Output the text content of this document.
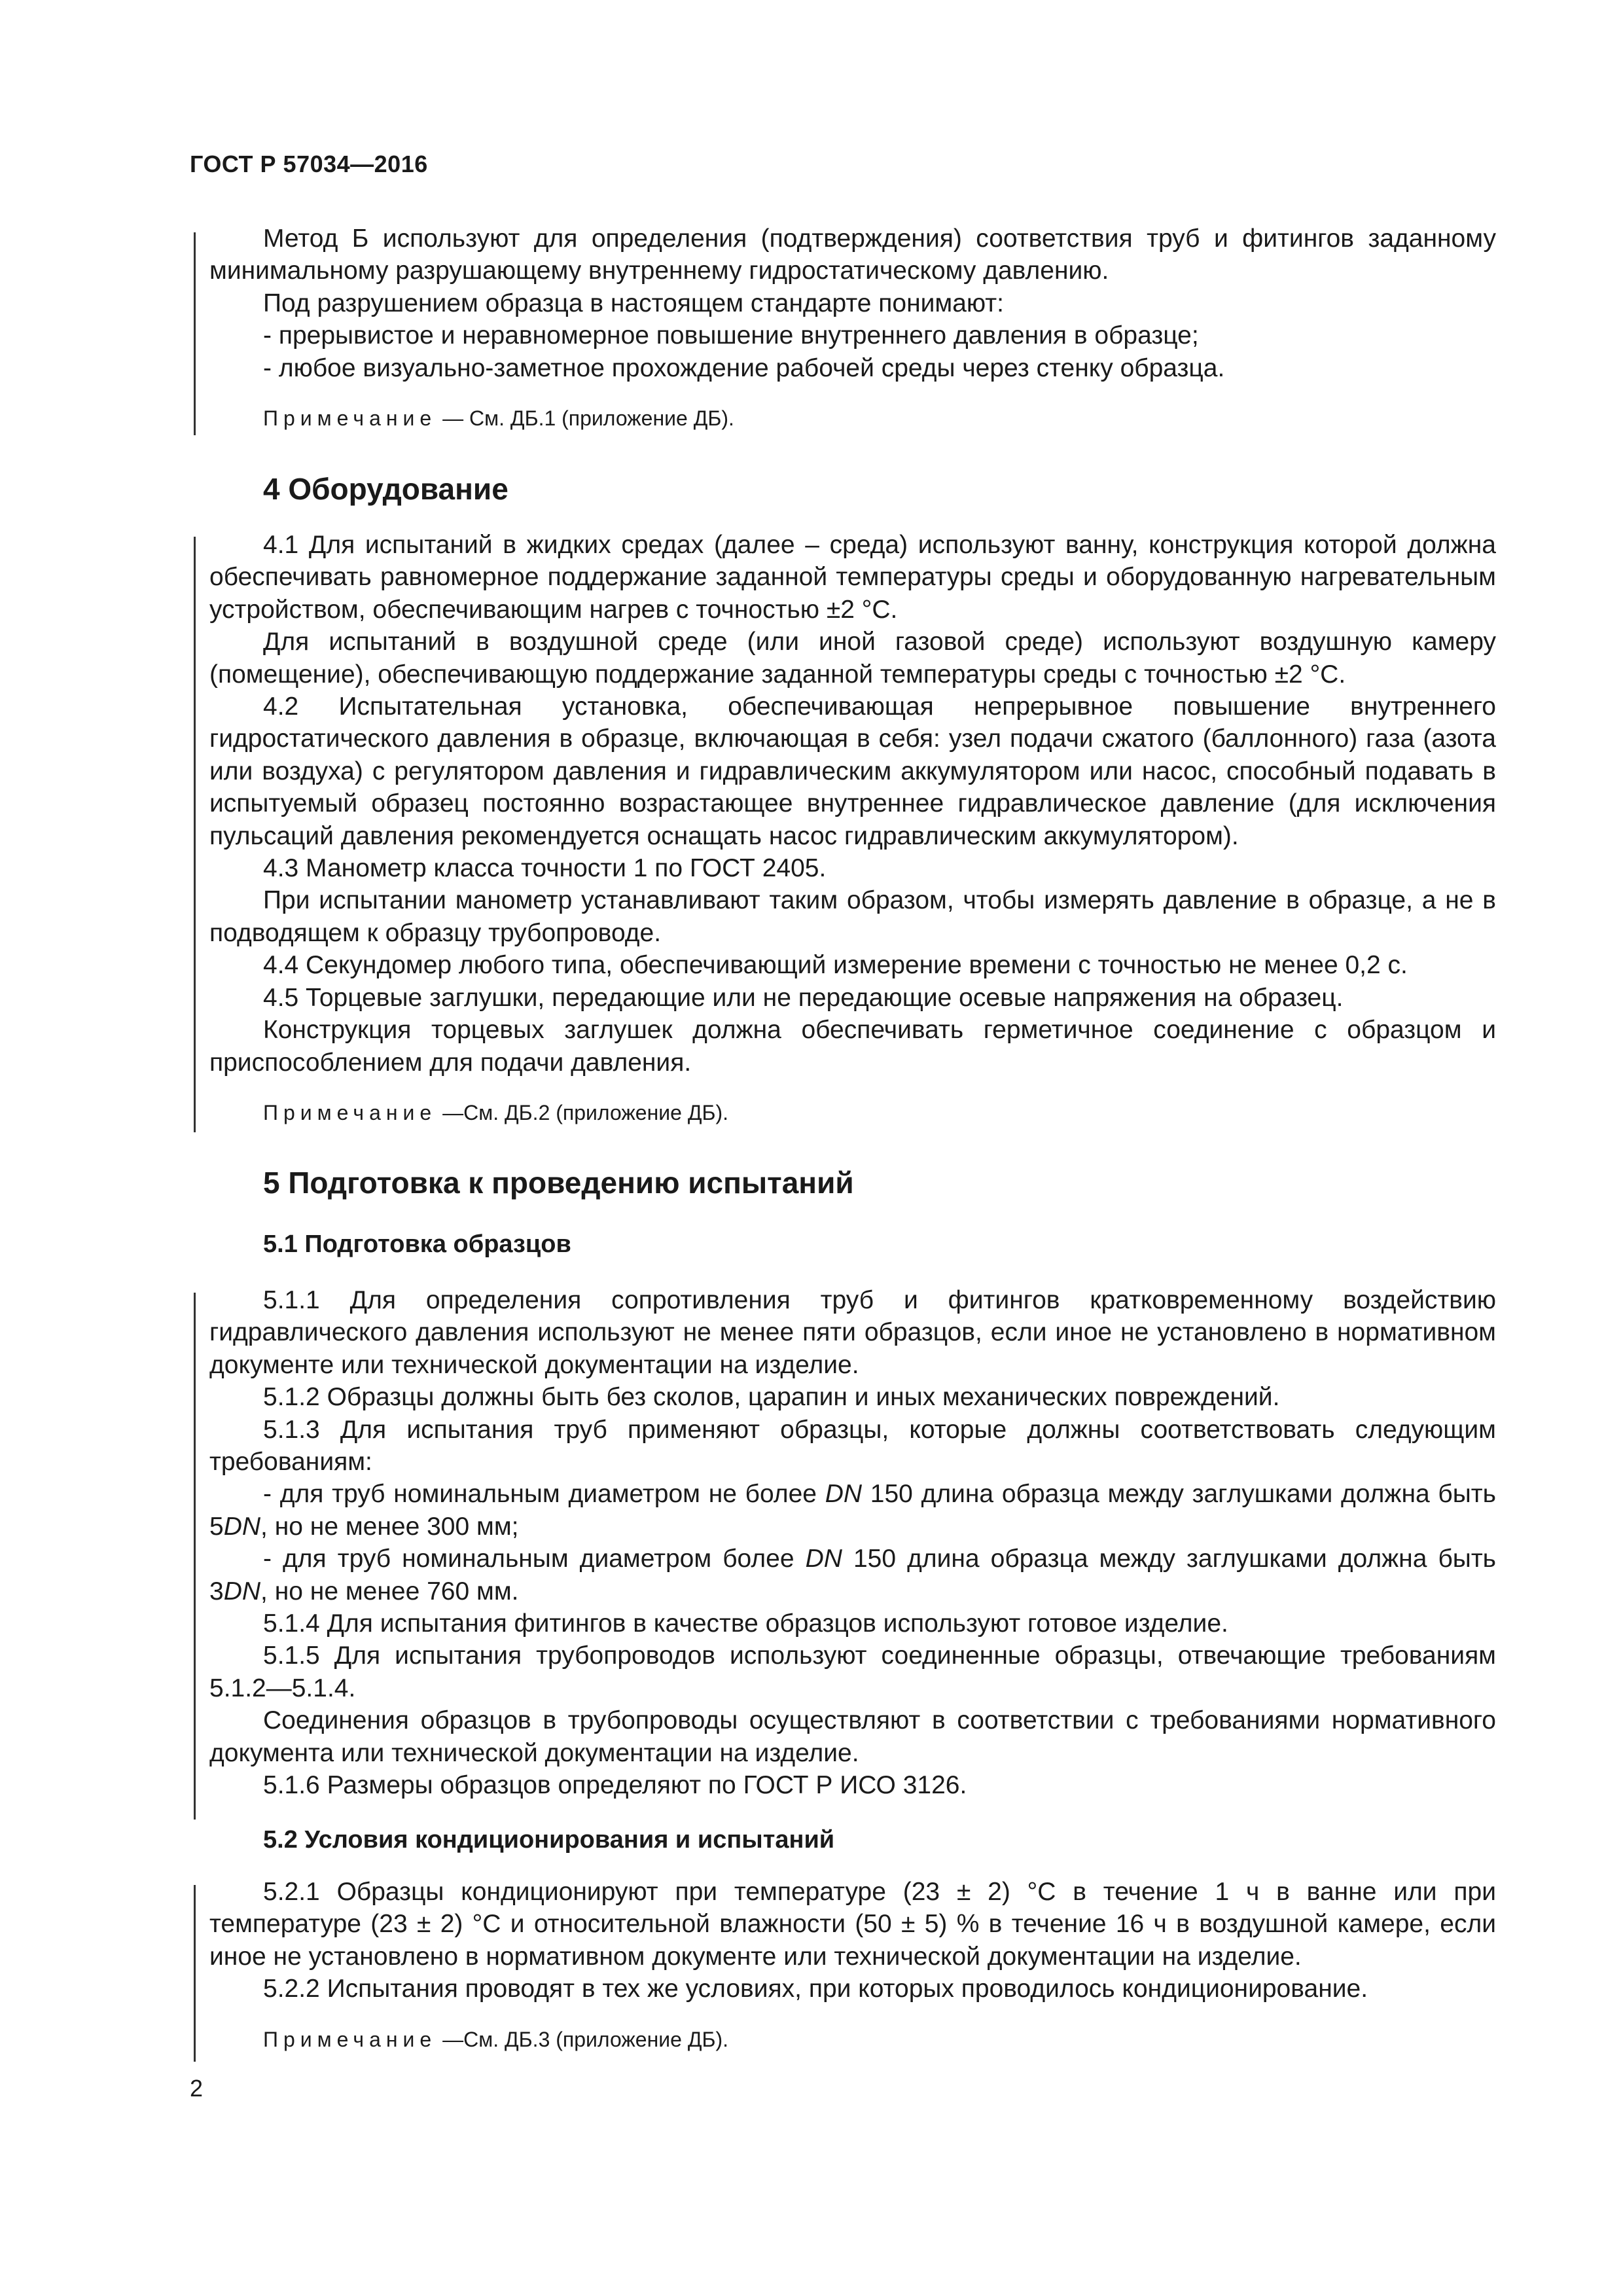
ГОСТ Р 57034—2016

Метод Б используют для определения (подтверждения) соответствия труб и фитингов заданному минимальному разрушающему внутреннему гидростатическому давлению.

Под разрушением образца в настоящем стандарте понимают:

- прерывистое и неравномерное повышение внутреннего давления в образце;

- любое визуально-заметное прохождение рабочей среды через стенку образца.

Примечание — См. ДБ.1 (приложение ДБ).

4 Оборудование

4.1 Для испытаний в жидких средах (далее – среда) используют ванну, конструкция которой должна обеспечивать равномерное поддержание заданной температуры среды и оборудованную нагревательным устройством, обеспечивающим нагрев с точностью ±2 °С.

Для испытаний в воздушной среде (или иной газовой среде) используют воздушную камеру (помещение), обеспечивающую поддержание заданной температуры среды с точностью ±2 °С.

4.2 Испытательная установка, обеспечивающая непрерывное повышение внутреннего гидростатического давления в образце, включающая в себя: узел подачи сжатого (баллонного) газа (азота или воздуха) с регулятором давления и гидравлическим аккумулятором или насос, способный подавать в испытуемый образец постоянно возрастающее внутреннее гидравлическое давление (для исключения пульсаций давления рекомендуется оснащать насос гидравлическим аккумулятором).

4.3 Манометр класса точности 1 по ГОСТ 2405.

При испытании манометр устанавливают таким образом, чтобы измерять давление в образце, а не в подводящем к образцу трубопроводе.

4.4 Секундомер любого типа, обеспечивающий измерение времени с точностью не менее 0,2 с.

4.5 Торцевые заглушки, передающие или не передающие осевые напряжения на образец.

Конструкция торцевых заглушек должна обеспечивать герметичное соединение с образцом и приспособлением для подачи давления.

Примечание —См. ДБ.2 (приложение ДБ).

5 Подготовка к проведению испытаний
5.1 Подготовка образцов

5.1.1 Для определения сопротивления труб и фитингов кратковременному воздействию гидравлического давления используют не менее пяти образцов, если иное не установлено в нормативном документе или технической документации на изделие.

5.1.2 Образцы должны быть без сколов, царапин и иных механических повреждений.

5.1.3 Для испытания труб применяют образцы, которые должны соответствовать следующим требованиям:

- для труб номинальным диаметром не более DN 150 длина образца между заглушками должна быть 5DN, но не менее 300 мм;

- для труб номинальным диаметром более DN 150 длина образца между заглушками должна быть 3DN, но не менее 760 мм.

5.1.4 Для испытания фитингов в качестве образцов используют готовое изделие.

5.1.5 Для испытания трубопроводов используют соединенные образцы, отвечающие требованиям 5.1.2—5.1.4.

Соединения образцов в трубопроводы осуществляют в соответствии с требованиями нормативного документа или технической документации на изделие.

5.1.6 Размеры образцов определяют по ГОСТ Р ИСО 3126.

5.2 Условия кондиционирования и испытаний

5.2.1 Образцы кондиционируют при температуре (23 ± 2) °С в течение 1 ч в ванне или при температуре (23 ± 2) °С и относительной влажности (50 ± 5) % в течение 16 ч в воздушной камере, если иное не установлено в нормативном документе или технической документации на изделие.

5.2.2 Испытания проводят в тех же условиях, при которых проводилось кондиционирование.

Примечание —См. ДБ.3 (приложение ДБ).

2
